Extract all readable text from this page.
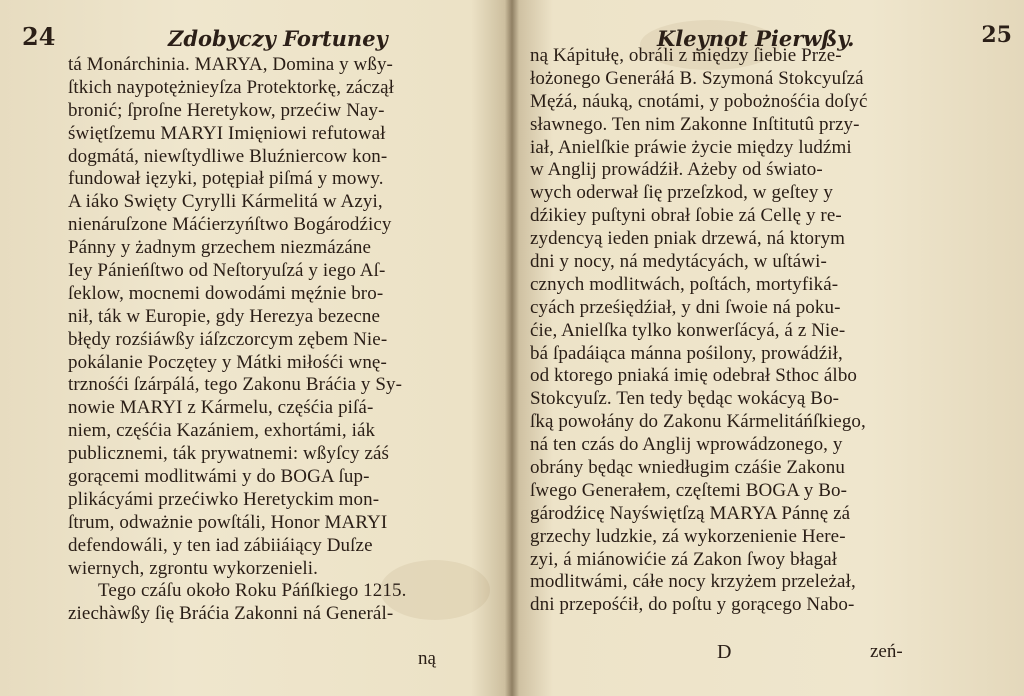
24	Zdobyczy Fortuney
tá Monárchinia. MARYA, Domina y wßy-
ſtkich naypotężnieyſza Protektorkę, záczął
bronić; ſproſne Heretykow, przećiw Nay-
świętſzemu MARYI Imięniowi refutował
dogmátá, niewſtydliwe Bluźniercow kon-
fundował ięzyki, potępiał piſmá y mowy.
A iáko Swięty Cyrylli Kármelitá w Azyi,
nienáruſzone Máćierzyńſtwo Bogárodźicy
Pánny y żadnym grzechem niezmázáne
Iey Pánieńſtwo od Neſtoryuſzá y iego Aſ-
ſeklow, mocnemi dowodámi męźnie bro-
nił, ták w Europie, gdy Herezya bezecne
błędy rozśiáwßy iáſzczorcym zębem Nie-
pokálanie Poczętey y Mátki miłośći wnę-
trznośći ſzárpálá, tego Zakonu Bráćia y Sy-
nowie MARYI z Kármelu, częśćia piſá-
niem, częśćia Kazániem, exhortámi, iák
publicznemi, ták prywatnemi: wßyſcy záś
gorącemi modlitwámi y do BOGA ſup-
plikácyámi przećiwko Heretyckim mon-
ſtrum, odważnie powſtáli, Honor MARYI
defendowáli, y ten iad zábiiáiący Duſze
wiernych, zgrontu wykorzenieli.
Tego czáſu około Roku Páńſkiego 1215.
ziechàwßy ſię Bráćia Zakonni ná Generál-
ną
25
Kleynot Pierwßy.
ną Kápitułę, obráli z między ſiebie Prze-
łożonego Generáłá B. Szymoná Stokcyuſzá
Męźá, náuką, cnotámi, y pobożnośćia doſyć
sławnego. Ten nim Zakonne Inſtitutû przy-
iał, Anielſkie práwie życie między ludźmi
w Anglij prowádźił. Ażeby od świato-
wych oderwał ſię przeſzkod, w geſtey y
dźikiey puſtyni obrał ſobie zá Cellę y re-
zydencyą ieden pniak drzewá, ná ktorym
dni y nocy, ná medytácyách, w uſtáwi-
cznych modlitwách, poſtách, mortyfiká-
cyách prześiędźiał, y dni ſwoie ná poku-
ćie, Anielſka tylko konwerſácyá, á z Nie-
bá ſpadáiąca mánna pośilony, prowádźił,
od ktorego pniaká imię odebrał Sthoc álbo
Stokcyuſz. Ten tedy będąc wokácyą Bo-
ſką powołány do Zakonu Kármelitáńſkiego,
ná ten czás do Anglij wprowádzonego, y
obrány będąc wniedługim czáśie Zakonu
ſwego Generałem, częſtemi BOGA y Bo-
gárodźicę Nayświętſzą MARYA Pánnę zá
grzechy ludzkie, zá wykorzenienie Here-
zyi, á miánowićie zá Zakon ſwoy błagał
modlitwámi, cáłe nocy krzyżem przeleżał,
dni przepośćił, do poſtu y gorącego Nabo-
D	zeń-
